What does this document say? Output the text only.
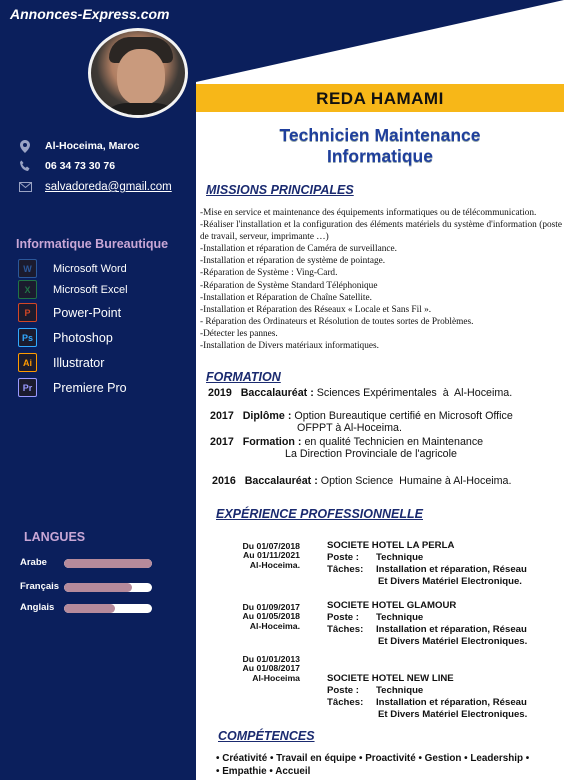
Annonces-Express.com
Al-Hoceima, Maroc
06 34 73 30 76
salvadoreda@gmail.com
Informatique Bureautique
W	Microsoft Word
X	Microsoft Excel
P	Power-Point
Ps	Photoshop
Ai	Illustrator
Pr	Premiere Pro
LANGUES
Arabe
Français
Anglais
REDA HAMAMI
Technicien Maintenance
Informatique
MISSIONS PRINCIPALES
-Mise en service et maintenance des équipements informatiques ou de télécommunication.
-Réaliser l'installation et la configuration des éléments matériels du système d'information (poste de travail, serveur, imprimante …)
-Installation et réparation de Caméra de surveillance.
-Installation et réparation de système de pointage.
-Réparation de Système : Ving-Card.
-Réparation de Système Standard Téléphonique
-Installation et Réparation de Chaîne Satellite.
-Installation et Réparation des Réseaux « Locale et Sans Fil ».
- Réparation des Ordinateurs et Résolution de toutes sortes de Problèmes.
-Détecter les pannes.
-Installation de Divers matériaux informatiques.
FORMATION
2019 Baccalauréat : Sciences Expérimentales  à  Al-Hoceima.
2017 Diplôme : Option Bureautique certifié en Microsoft Office
OFPPT à Al-Hoceima.
2017 Formation : en qualité Technicien en Maintenance
La Direction Provinciale de l'agricole
2016 Baccalauréat : Option Science  Humaine à Al-Hoceima.
EXPÉRIENCE PROFESSIONNELLE
Du 01/07/2018
Au 01/11/2021
Al-Hoceima.
SOCIETE HOTEL LA PERLA
Poste :	Technique
Tâches:	Installation et réparation, Réseau
Et Divers Matériel Electronique.
Du 01/09/2017
Au 01/05/2018
Al-Hoceima.
SOCIETE HOTEL GLAMOUR
Poste :	Technique
Tâches:	Installation et réparation, Réseau
Et Divers Matériel Electroniques.
Du 01/01/2013
Au 01/08/2017
Al-Hoceima	SOCIETE HOTEL NEW LINE
Poste :	Technique
Tâches:	Installation et réparation, Réseau
Et Divers Matériel Electroniques.
COMPÉTENCES
• Créativité • Travail en équipe • Proactivité • Gestion • Leadership •
• Empathie • Accueil
